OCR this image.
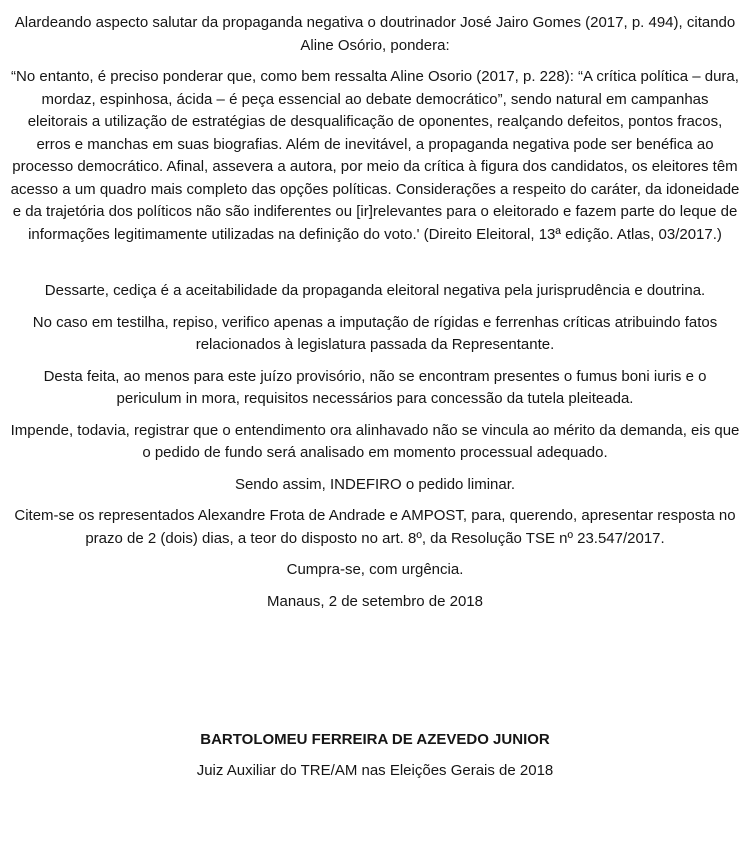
Alardeando aspecto salutar da propaganda negativa o doutrinador José Jairo Gomes (2017, p. 494), citando Aline Osório, pondera:

“No entanto, é preciso ponderar que, como bem ressalta Aline Osorio (2017, p. 228): “A crítica política – dura, mordaz, espinhosa, ácida – é peça essencial ao debate democrático”, sendo natural em campanhas eleitorais a utilização de estratégias de desqualificação de oponentes, realçando defeitos, pontos fracos, erros e manchas em suas biografias. Além de inevitável, a propaganda negativa pode ser benéfica ao processo democrático. Afinal, assevera a autora, por meio da crítica à figura dos candidatos, os eleitores têm acesso a um quadro mais completo das opções políticas. Considerações a respeito do caráter, da idoneidade e da trajetória dos políticos não são indiferentes ou [ir]relevantes para o eleitorado e fazem parte do leque de informações legitimamente utilizadas na definição do voto.' (Direito Eleitoral, 13ª edição. Atlas, 03/2017.)

Dessarte, cediça é a aceitabilidade da propaganda eleitoral negativa pela jurisprudência e doutrina.

No caso em testilha, repiso, verifico apenas a imputação de rígidas e ferrenhas críticas atribuindo fatos relacionados à legislatura passada da Representante.

Desta feita, ao menos para este juízo provisório, não se encontram presentes o fumus boni iuris e o periculum in mora, requisitos necessários para concessão da tutela pleiteada.

Impende, todavia, registrar que o entendimento ora alinhavado não se vincula ao mérito da demanda, eis que o pedido de fundo será analisado em momento processual adequado.

Sendo assim, INDEFIRO o pedido liminar.

Citem-se os representados Alexandre Frota de Andrade e AMPOST, para, querendo, apresentar resposta no prazo de 2 (dois) dias, a teor do disposto no art. 8º, da Resolução TSE nº 23.547/2017.

Cumpra-se, com urgência.

Manaus, 2 de setembro de 2018

BARTOLOMEU FERREIRA DE AZEVEDO JUNIOR

Juiz Auxiliar do TRE/AM nas Eleições Gerais de 2018
